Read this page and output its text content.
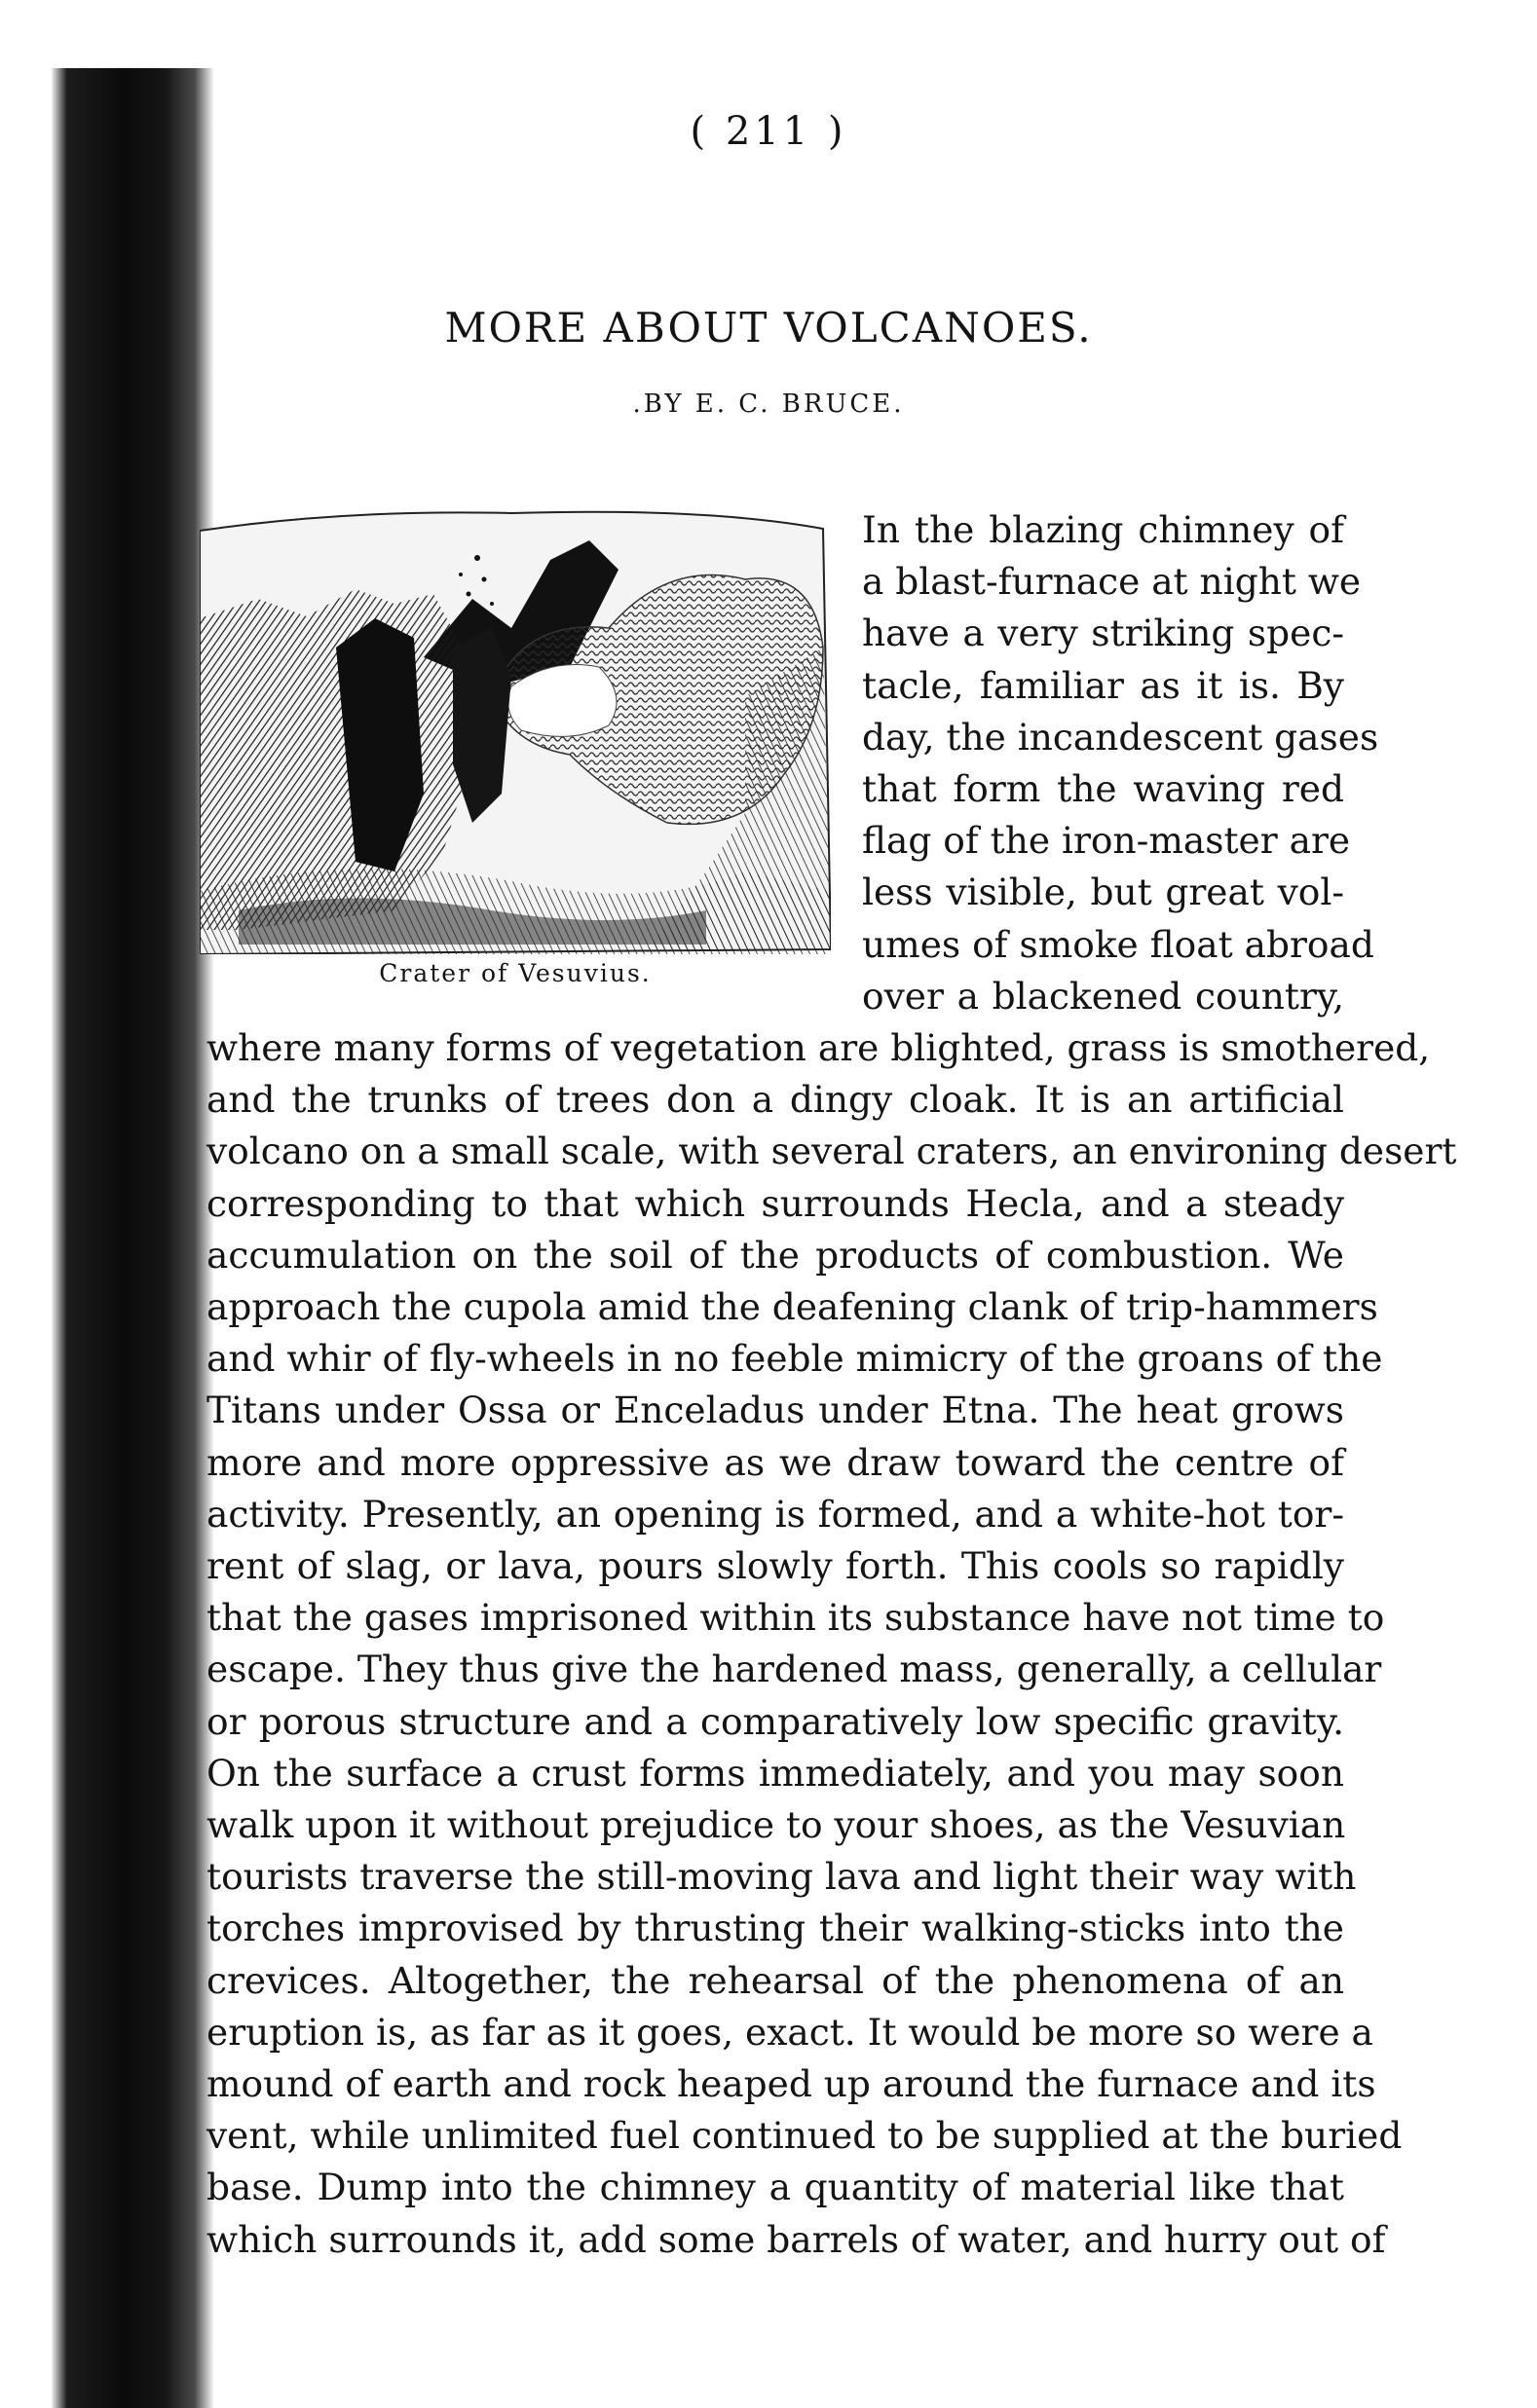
( 211 )
MORE ABOUT VOLCANOES.
.BY E. C. BRUCE.
Crater of Vesuvius.
In the blazing chimney of
a blast-furnace at night we
have a very striking spec-
tacle, familiar as it is. By
day, the incandescent gases
that form the waving red
flag of the iron-master are
less visible, but great vol-
umes of smoke float abroad
over a blackened country,
where many forms of vegetation are blighted, grass is smothered,
and the trunks of trees don a dingy cloak. It is an artificial
volcano on a small scale, with several craters, an environing desert
corresponding to that which surrounds Hecla, and a steady
accumulation on the soil of the products of combustion. We
approach the cupola amid the deafening clank of trip-hammers
and whir of fly-wheels in no feeble mimicry of the groans of the
Titans under Ossa or Enceladus under Etna. The heat grows
more and more oppressive as we draw toward the centre of
activity. Presently, an opening is formed, and a white-hot tor-
rent of slag, or lava, pours slowly forth. This cools so rapidly
that the gases imprisoned within its substance have not time to
escape. They thus give the hardened mass, generally, a cellular
or porous structure and a comparatively low specific gravity.
On the surface a crust forms immediately, and you may soon
walk upon it without prejudice to your shoes, as the Vesuvian
tourists traverse the still-moving lava and light their way with
torches improvised by thrusting their walking-sticks into the
crevices. Altogether, the rehearsal of the phenomena of an
eruption is, as far as it goes, exact. It would be more so were a
mound of earth and rock heaped up around the furnace and its
vent, while unlimited fuel continued to be supplied at the buried
base. Dump into the chimney a quantity of material like that
which surrounds it, add some barrels of water, and hurry out of
